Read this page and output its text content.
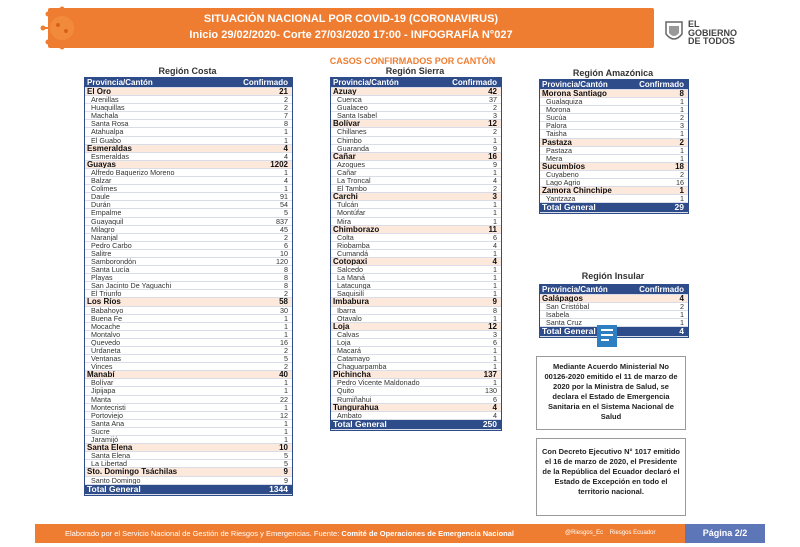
SITUACIÓN NACIONAL POR COVID-19 (CORONAVIRUS)
Inicio 29/02/2020- Corte 27/03/2020 17:00 - INFOGRAFÍA N°027
EL
GOBIERNO
DE TODOS
CASOS CONFIRMADOS POR CANTÓN
Región Costa
Provincia/Cantón	Confirmado
El Oro	21
Arenillas	2
Huaquillas	2
Machala	7
Santa Rosa	8
Atahualpa	1
El Guabo	1
Esmeraldas	4
Esmeraldas	4
Guayas	1202
Alfredo Baquerizo Moreno	1
Balzar	4
Colimes	1
Daule	91
Durán	54
Empalme	5
Guayaquil	837
Milagro	45
Naranjal	2
Pedro Carbo	6
Salitre	10
Samborondón	120
Santa Lucía	8
Playas	8
San Jacinto De Yaguachi	8
El Triunfo	2
Los Ríos	58
Babahoyo	30
Buena Fe	1
Mocache	1
Montalvo	1
Quevedo	16
Urdaneta	2
Ventanas	5
Vinces	2
Manabí	40
Bolívar	1
Jipijapa	1
Manta	22
Montecristi	1
Portoviejo	12
Santa Ana	1
Sucre	1
Jaramijó	1
Santa Elena	10
Santa Elena	5
La Libertad	5
Sto. Domingo Tsáchilas	9
Santo Domingo	9
Total General	1344
Región Sierra
Provincia/Cantón	Confirmado
Azuay	42
Cuenca	37
Gualaceo	2
Santa Isabel	3
Bolívar	12
Chillanes	2
Chimbo	1
Guaranda	9
Cañar	16
Azogues	9
Cañar	1
La Troncal	4
El Tambo	2
Carchi	3
Tulcán	1
Montúfar	1
Mira	1
Chimborazo	11
Colta	6
Riobamba	4
Cumandá	1
Cotopaxi	4
Salcedo	1
La Maná	1
Latacunga	1
Saquisilí	1
Imbabura	9
Ibarra	8
Otavalo	1
Loja	12
Calvas	3
Loja	6
Macará	1
Catamayo	1
Chaguarpamba	1
Pichincha	137
Pedro Vicente Maldonado	1
Quito	130
Rumiñahui	6
Tungurahua	4
Ambato	4
Total General	250
Región Amazónica
Provincia/Cantón	Confirmado
Morona Santiago	8
Gualaquiza	1
Morona	1
Sucúa	2
Palora	3
Taisha	1
Pastaza	2
Pastaza	1
Mera	1
Sucumbíos	18
Cuyabeno	2
Lago Agrio	16
Zamora Chinchipe	1
Yantzaza	1
Total General	29
Región Insular
Provincia/Cantón	Confirmado
Galápagos	4
San Cristóbal	2
Isabela	1
Santa Cruz	1
Total General	4
Mediante Acuerdo Ministerial No 00126-2020 emitido el 11 de marzo de 2020 por la Ministra de Salud, se declara el Estado de Emergencia Sanitaria en el Sistema Nacional de Salud
Con Decreto Ejecutivo N° 1017 emitido el 16 de marzo de 2020, el Presidente de la República del Ecuador declaró el Estado de Excepción en todo el territorio nacional.
Elaborado por el Servicio Nacional de Gestión de Riesgos y Emergencias. Fuente: Comité de Operaciones de Emergencia Nacional	@Riesgos_Ec Riesgos Ecuador	Página 2/2
